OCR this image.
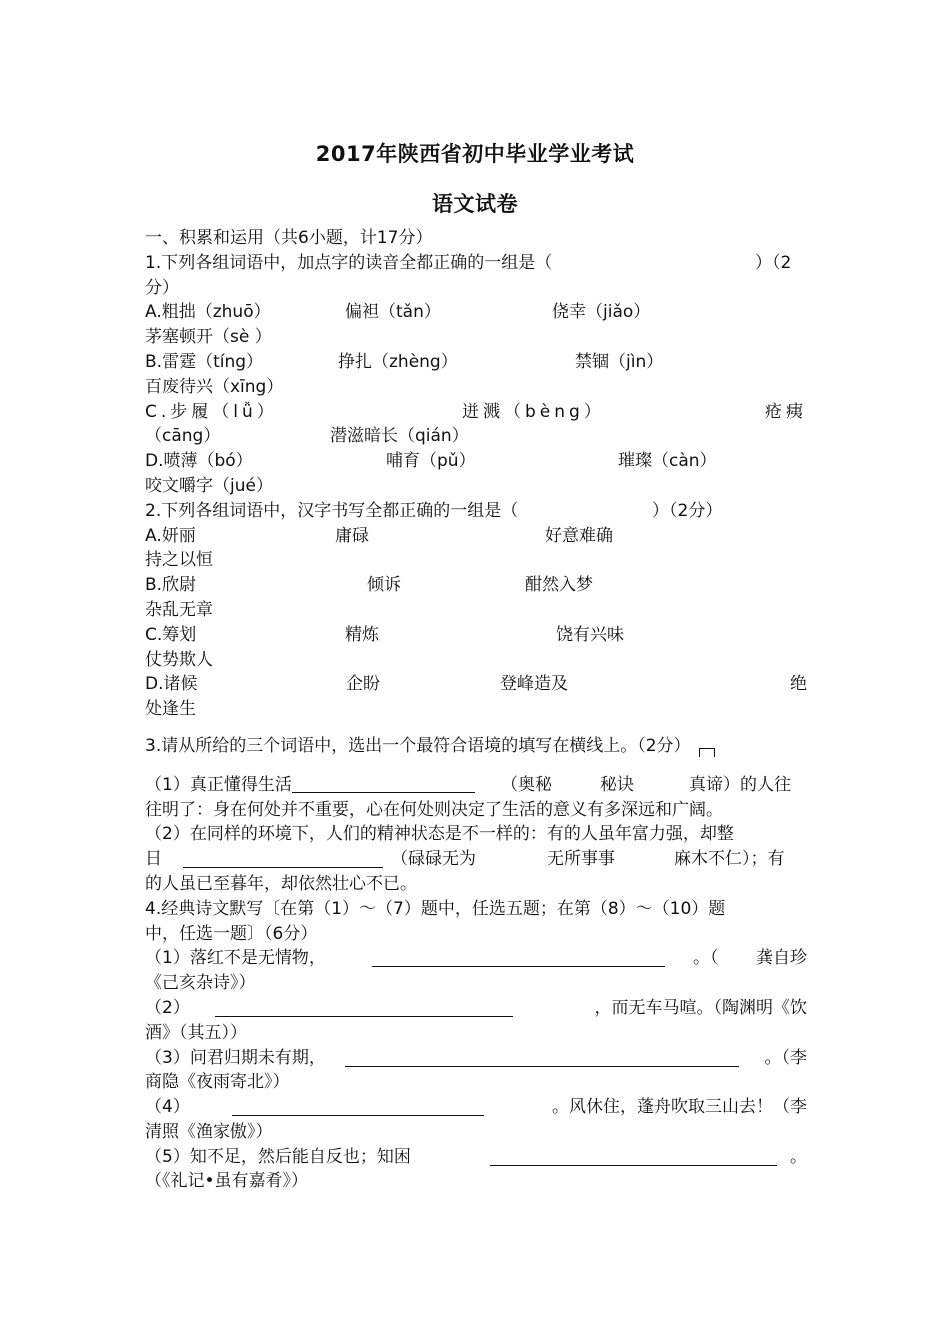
2017年陕西省初中毕业学业考试
语文试卷
一、积累和运用（共6小题，计17分）
1.下列各组词语中，加点字的读音全都正确的一组是（	）（2
分）
A.粗拙（zhuō）	偏袒（tǎn）	侥幸（jiǎo）
茅塞顿开（sè ）
B.雷霆（tíng）	挣扎（zhèng）	禁锢（jìn）
百废待兴（xīng）
C.步履（lǚ）	迸溅（bèng）	疮痍
（cāng）	潜滋暗长（qián）
D.喷薄（bó）	哺育（pǔ）	璀璨（càn）
咬文嚼字（jué）
2.下列各组词语中，汉字书写全都正确的一组是（	）（2分）
A.妍丽	庸碌	好意难确
持之以恒
B.欣尉	倾诉	酣然入梦
杂乱无章
C.筹划	精炼	饶有兴味
仗势欺人
D.诸候	企盼	登峰造及	绝
处逢生
3.请从所给的三个词语中，选出一个最符合语境的填写在横线上。（2分）
（1）真正懂得生活	（奥秘	秘诀	真谛）的人往
往明了：身在何处并不重要，心在何处则决定了生活的意义有多深远和广阔。
（2）在同样的环境下，人们的精神状态是不一样的：有的人虽年富力强，却整
日	（碌碌无为	无所事事	麻木不仁）；有
的人虽已至暮年，却依然壮心不已。
4.经典诗文默写〔在第（1）～（7）题中，任选五题；在第（8）～（10）题
中，任选一题〕（6分）
（1）落红不是无情物，	。（ 龚自珍
《己亥杂诗》）
（2）	，而无车马喧。（陶渊明《饮
酒》（其五））
（3）问君归期未有期，	。（李
商隐《夜雨寄北》）
（4）	。风休住，蓬舟吹取三山去！（李
清照《渔家傲》）
（5）知不足，然后能自反也；知困	。
（《礼记•虽有嘉肴》）
